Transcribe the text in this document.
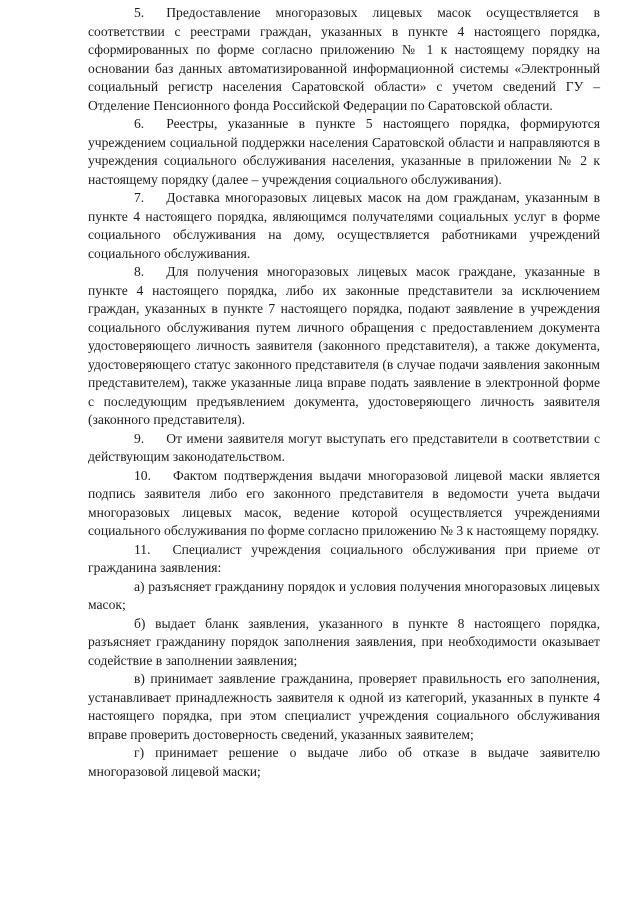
5. Предоставление многоразовых лицевых масок осуществляется в соответствии с реестрами граждан, указанных в пункте 4 настоящего порядка, сформированных по форме согласно приложению № 1 к настоящему порядку на основании баз данных автоматизированной информационной системы «Электронный социальный регистр населения Саратовской области» с учетом сведений ГУ – Отделение Пенсионного фонда Российской Федерации по Саратовской области.

6. Реестры, указанные в пункте 5 настоящего порядка, формируются учреждением социальной поддержки населения Саратовской области и направляются в учреждения социального обслуживания населения, указанные в приложении № 2 к настоящему порядку (далее – учреждения социального обслуживания).

7. Доставка многоразовых лицевых масок на дом гражданам, указанным в пункте 4 настоящего порядка, являющимся получателями социальных услуг в форме социального обслуживания на дому, осуществляется работниками учреждений социального обслуживания.

8. Для получения многоразовых лицевых масок граждане, указанные в пункте 4 настоящего порядка, либо их законные представители за исключением граждан, указанных в пункте 7 настоящего порядка, подают заявление в учреждения социального обслуживания путем личного обращения с предоставлением документа удостоверяющего личность заявителя (законного представителя), а также документа, удостоверяющего статус законного представителя (в случае подачи заявления законным представителем), также указанные лица вправе подать заявление в электронной форме с последующим предъявлением документа, удостоверяющего личность заявителя (законного представителя).

9. От имени заявителя могут выступать его представители в соответствии с действующим законодательством.

10. Фактом подтверждения выдачи многоразовой лицевой маски является подпись заявителя либо его законного представителя в ведомости учета выдачи многоразовых лицевых масок, ведение которой осуществляется учреждениями социального обслуживания по форме согласно приложению № 3 к настоящему порядку.

11. Специалист учреждения социального обслуживания при приеме от гражданина заявления:

а) разъясняет гражданину порядок и условия получения многоразовых лицевых масок;

б) выдает бланк заявления, указанного в пункте 8 настоящего порядка, разъясняет гражданину порядок заполнения заявления, при необходимости оказывает содействие в заполнении заявления;

в) принимает заявление гражданина, проверяет правильность его заполнения, устанавливает принадлежность заявителя к одной из категорий, указанных в пункте 4 настоящего порядка, при этом специалист учреждения социального обслуживания вправе проверить достоверность сведений, указанных заявителем;

г) принимает решение о выдаче либо об отказе в выдаче заявителю многоразовой лицевой маски;
